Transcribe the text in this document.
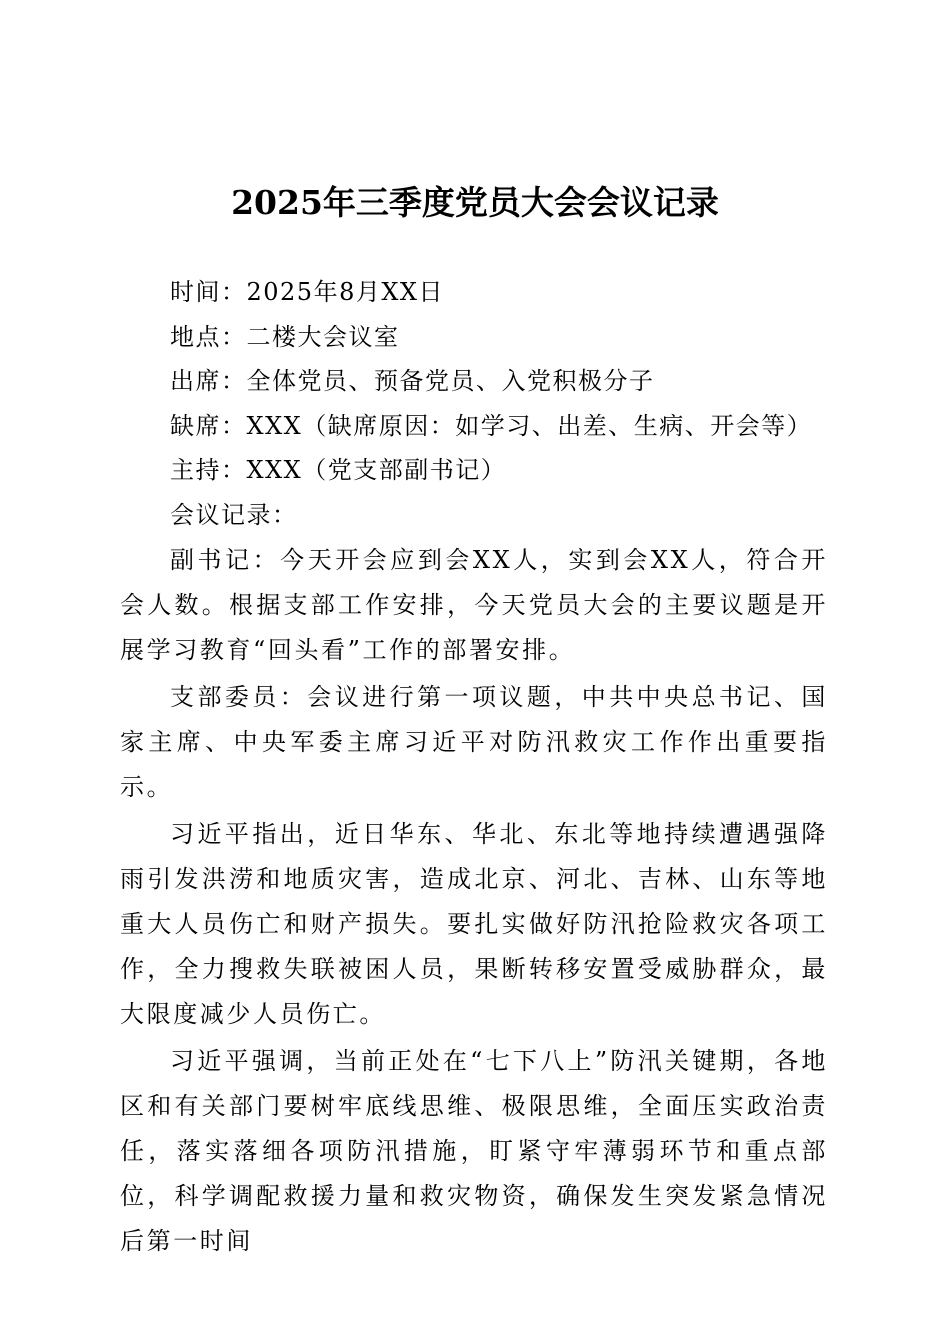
2025年三季度党员大会会议记录
时间：2025年8月XX日
地点：二楼大会议室
出席：全体党员、预备党员、入党积极分子
缺席：XXX（缺席原因：如学习、出差、生病、开会等）
主持：XXX（党支部副书记）
会议记录：

副书记：今天开会应到会XX人，实到会XX人，符合开会人数。根据支部工作安排，今天党员大会的主要议题是开展学习教育“回头看”工作的部署安排。

支部委员：会议进行第一项议题，中共中央总书记、国家主席、中央军委主席习近平对防汛救灾工作作出重要指示。

习近平指出，近日华东、华北、东北等地持续遭遇强降雨引发洪涝和地质灾害，造成北京、河北、吉林、山东等地重大人员伤亡和财产损失。要扎实做好防汛抢险救灾各项工作，全力搜救失联被困人员，果断转移安置受威胁群众，最大限度减少人员伤亡。

习近平强调，当前正处在“七下八上”防汛关键期，各地区和有关部门要树牢底线思维、极限思维，全面压实政治责任，落实落细各项防汛措施，盯紧守牢薄弱环节和重点部位，科学调配救援力量和救灾物资，确保发生突发紧急情况后第一时间
